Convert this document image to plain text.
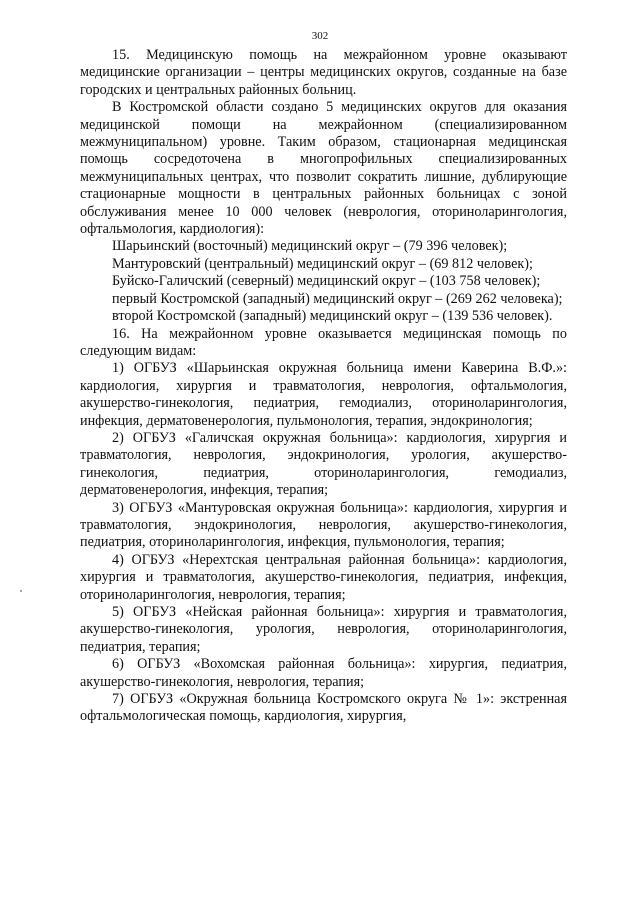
302

15. Медицинскую помощь на межрайонном уровне оказывают медицинские организации – центры медицинских округов, созданные на базе городских и центральных районных больниц.

В Костромской области создано 5 медицинских округов для оказания медицинской помощи на межрайонном (специализированном межмуниципальном) уровне. Таким образом, стационарная медицинская помощь сосредоточена в многопрофильных специализированных межмуниципальных центрах, что позволит сократить лишние, дублирующие стационарные мощности в центральных районных больницах с зоной обслуживания менее 10 000 человек (неврология, оториноларингология, офтальмология, кардиология):

Шарьинский (восточный) медицинский округ – (79 396 человек);

Мантуровский (центральный) медицинский округ – (69 812 человек);

Буйско-Галичский (северный) медицинский округ – (103 758 человек);

первый Костромской (западный) медицинский округ – (269 262 человека);

второй Костромской (западный) медицинский округ – (139 536 человек).

16. На межрайонном уровне оказывается медицинская помощь по следующим видам:

1) ОГБУЗ «Шарьинская окружная больница имени Каверина В.Ф.»: кардиология, хирургия и травматология, неврология, офтальмология, акушерство-гинекология, педиатрия, гемодиализ, оториноларингология, инфекция, дерматовенерология, пульмонология, терапия, эндокринология;

2) ОГБУЗ «Галичская окружная больница»: кардиология, хирургия и травматология, неврология, эндокринология, урология, акушерство-гинекология, педиатрия, оториноларингология, гемодиализ, дерматовенерология, инфекция, терапия;

3) ОГБУЗ «Мантуровская окружная больница»: кардиология, хирургия и травматология, эндокринология, неврология, акушерство-гинекология, педиатрия, оториноларингология, инфекция, пульмонология, терапия;

4) ОГБУЗ «Нерехтская центральная районная больница»: кардиология, хирургия и травматология, акушерство-гинекология, педиатрия, инфекция, оториноларингология, неврология, терапия;

5) ОГБУЗ «Нейская районная больница»: хирургия и травматология, акушерство-гинекология, урология, неврология, оториноларингология, педиатрия, терапия;

6) ОГБУЗ «Вохомская районная больница»: хирургия, педиатрия, акушерство-гинекология, неврология, терапия;

7) ОГБУЗ «Окружная больница Костромского округа № 1»: экстренная офтальмологическая помощь, кардиология, хирургия,
